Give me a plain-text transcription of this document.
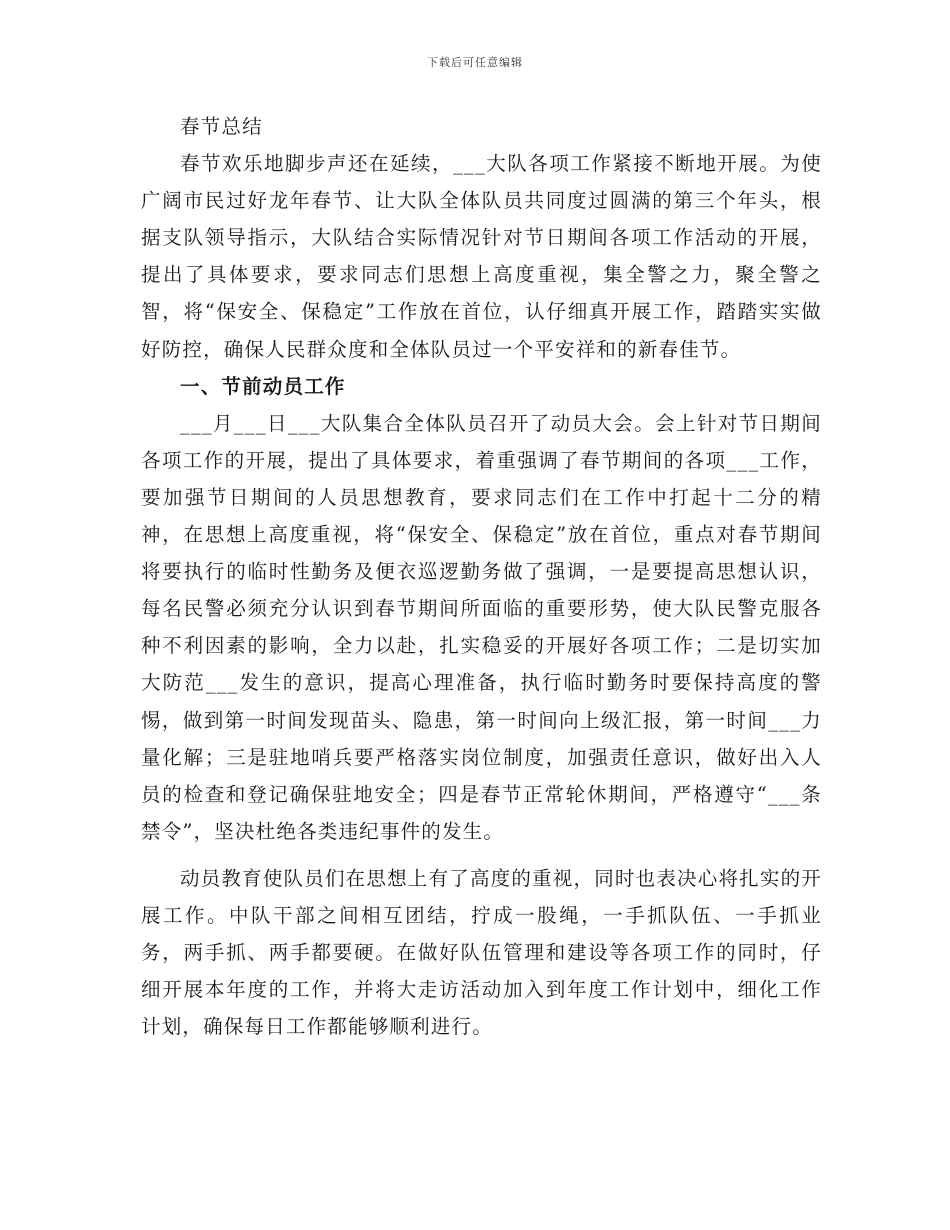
下载后可任意编辑

春节总结

春节欢乐地脚步声还在延续，___大队各项工作紧接不断地开展。为使广阔市民过好龙年春节、让大队全体队员共同度过圆满的第三个年头，根据支队领导指示，大队结合实际情况针对节日期间各项工作活动的开展，提出了具体要求，要求同志们思想上高度重视，集全警之力，聚全警之智，将“保安全、保稳定”工作放在首位，认仔细真开展工作，踏踏实实做好防控，确保人民群众度和全体队员过一个平安祥和的新春佳节。

一、节前动员工作

___月___日___大队集合全体队员召开了动员大会。会上针对节日期间各项工作的开展，提出了具体要求，着重强调了春节期间的各项___工作，要加强节日期间的人员思想教育，要求同志们在工作中打起十二分的精神，在思想上高度重视，将“保安全、保稳定”放在首位，重点对春节期间将要执行的临时性勤务及便衣巡逻勤务做了强调，一是要提高思想认识，每名民警必须充分认识到春节期间所面临的重要形势，使大队民警克服各种不利因素的影响，全力以赴，扎实稳妥的开展好各项工作；二是切实加大防范___发生的意识，提高心理准备，执行临时勤务时要保持高度的警惕，做到第一时间发现苗头、隐患，第一时间向上级汇报，第一时间___力量化解；三是驻地哨兵要严格落实岗位制度，加强责任意识，做好出入人员的检查和登记确保驻地安全；四是春节正常轮休期间，严格遵守“___条禁令”，坚决杜绝各类违纪事件的发生。

动员教育使队员们在思想上有了高度的重视，同时也表决心将扎实的开展工作。中队干部之间相互团结，拧成一股绳，一手抓队伍、一手抓业务，两手抓、两手都要硬。在做好队伍管理和建设等各项工作的同时，仔细开展本年度的工作，并将大走访活动加入到年度工作计划中，细化工作计划，确保每日工作都能够顺利进行。
